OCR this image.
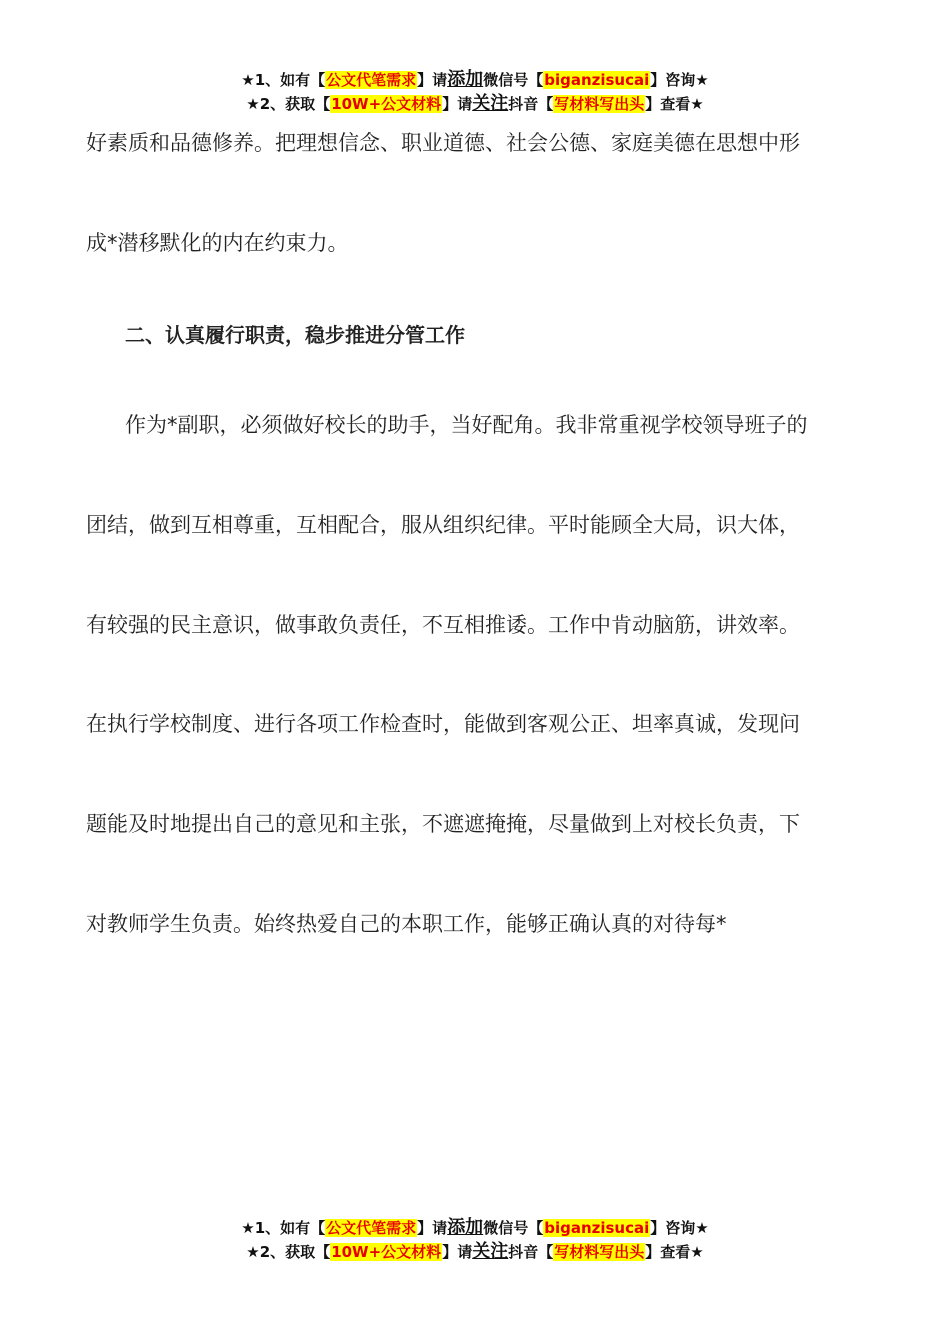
★1、如有【公文代笔需求】请添加微信号【biganzisucai】咨询★
★2、获取【10W+公文材料】请关注抖音【写材料写出头】查看★

好素质和品德修养。把理想信念、职业道德、社会公德、家庭美德在思想中形
成*潜移默化的内在约束力。

二、认真履行职责，稳步推进分管工作

作为*副职，必须做好校长的助手，当好配角。我非常重视学校领导班子的
团结，做到互相尊重，互相配合，服从组织纪律。平时能顾全大局，识大体，
有较强的民主意识，做事敢负责任，不互相推诿。工作中肯动脑筋，讲效率。
在执行学校制度、进行各项工作检查时，能做到客观公正、坦率真诚，发现问
题能及时地提出自己的意见和主张，不遮遮掩掩，尽量做到上对校长负责，下
对教师学生负责。始终热爱自己的本职工作，能够正确认真的对待每*

★1、如有【公文代笔需求】请添加微信号【biganzisucai】咨询★
★2、获取【10W+公文材料】请关注抖音【写材料写出头】查看★
